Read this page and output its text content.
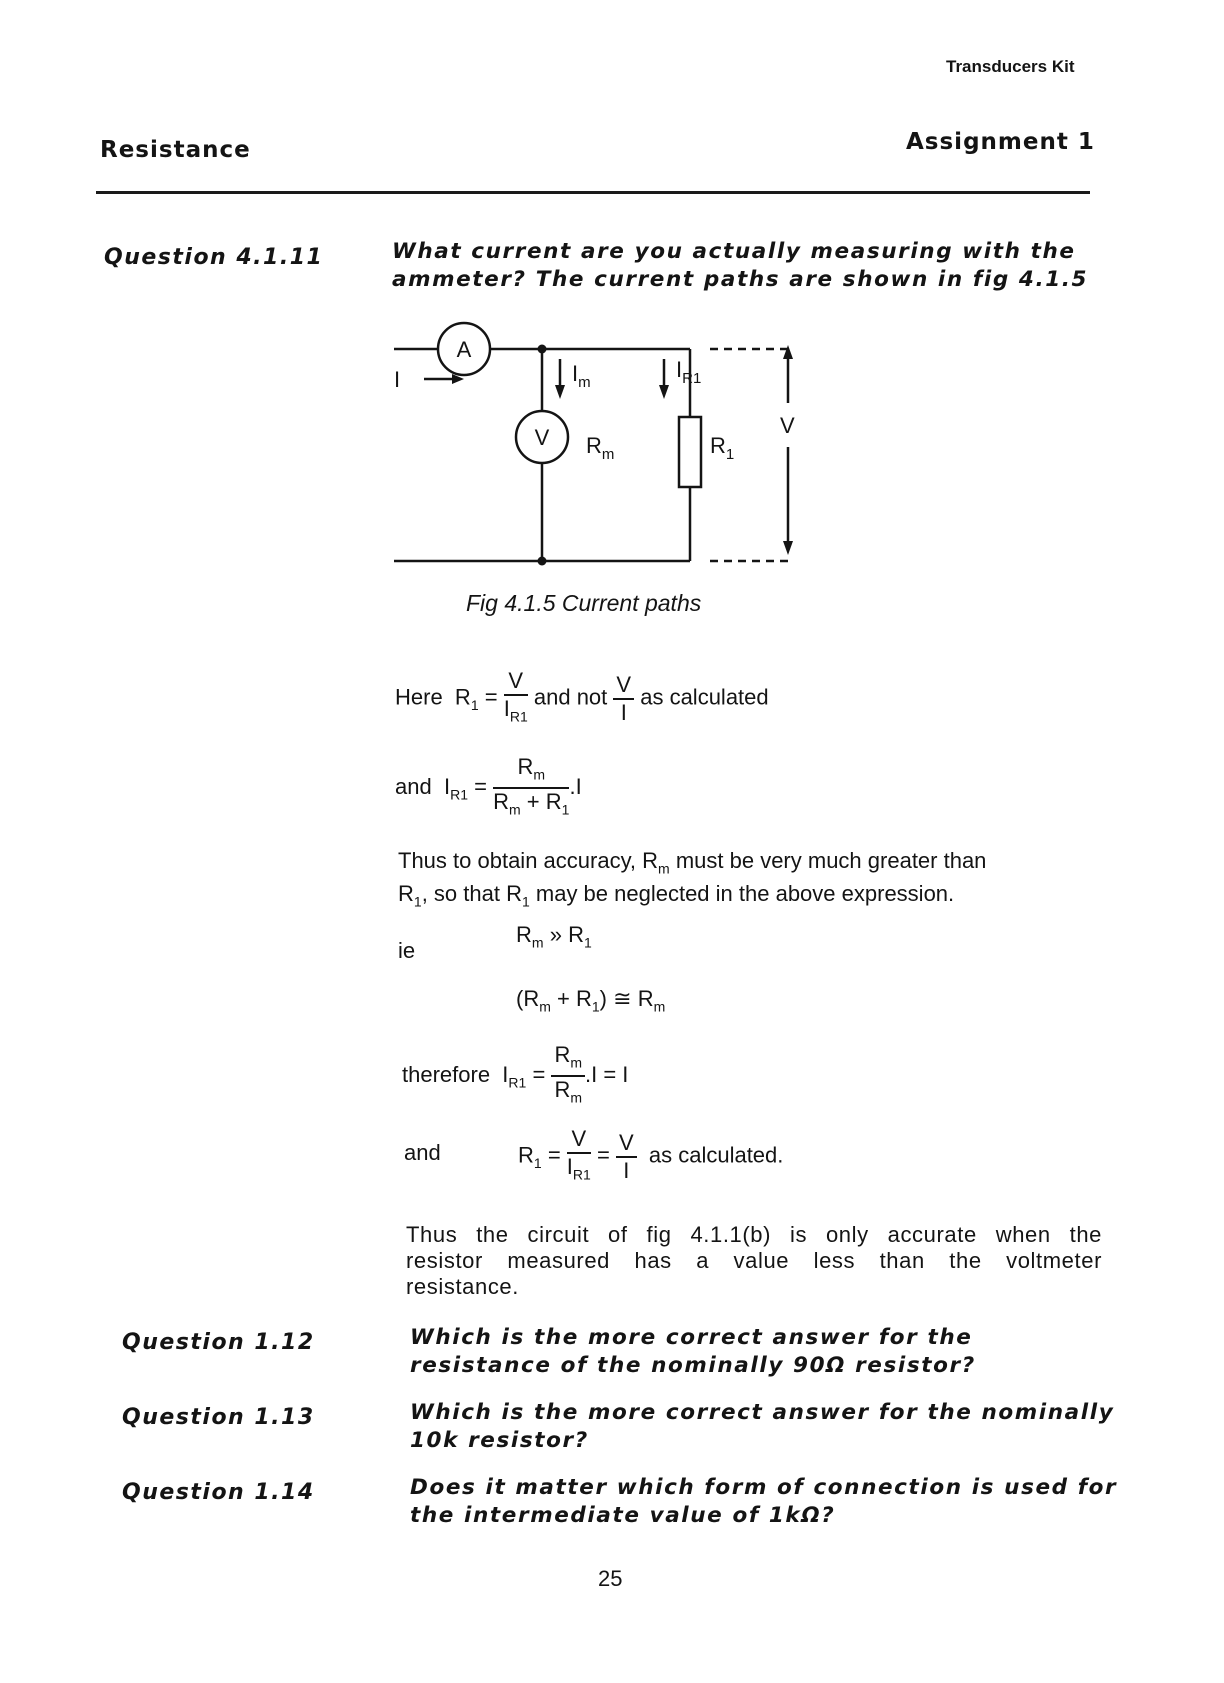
Transducers Kit
Resistance	Assignment 1
Question 4.1.11	What current are you actually measuring with the ammeter? The current paths are shown in fig 4.1.5
A
V
I	$I_m$
$R_m$
$I_{R1}$
$R_1$
V
Fig 4.1.5 Current paths
Here $R_1 = \frac{V}{I_{R1}}$ and not $\frac{V}{I}$ as calculated
and $I_{R1} = \frac{R_m}{R_m + R_1} .I$
Thus to obtain accuracy, $R_m$ must be very much greater than
$R_1$, so that $R_1$ may be neglected in the above expression.
ie
$R_m$ » $R_1$
$(R_m + R_1)$ ≅ $R_m$
therefore $I_{R1} = \frac{R_m}{R_m} .I = I$
and	$R_1 = \frac{V}{I_{R1}} = \frac{V}{I}$ as calculated.
Thus the circuit of fig 4.1.1(b) is only accurate when the resistor measured has a value less than the voltmeter resistance.
Question 1.12	Which is the more correct answer for the resistance of the nominally 90Ω resistor?
Question 1.13	Which is the more correct answer for the nominally 10k resistor?
Question 1.14	Does it matter which form of connection is used for the intermediate value of 1kΩ?
25
